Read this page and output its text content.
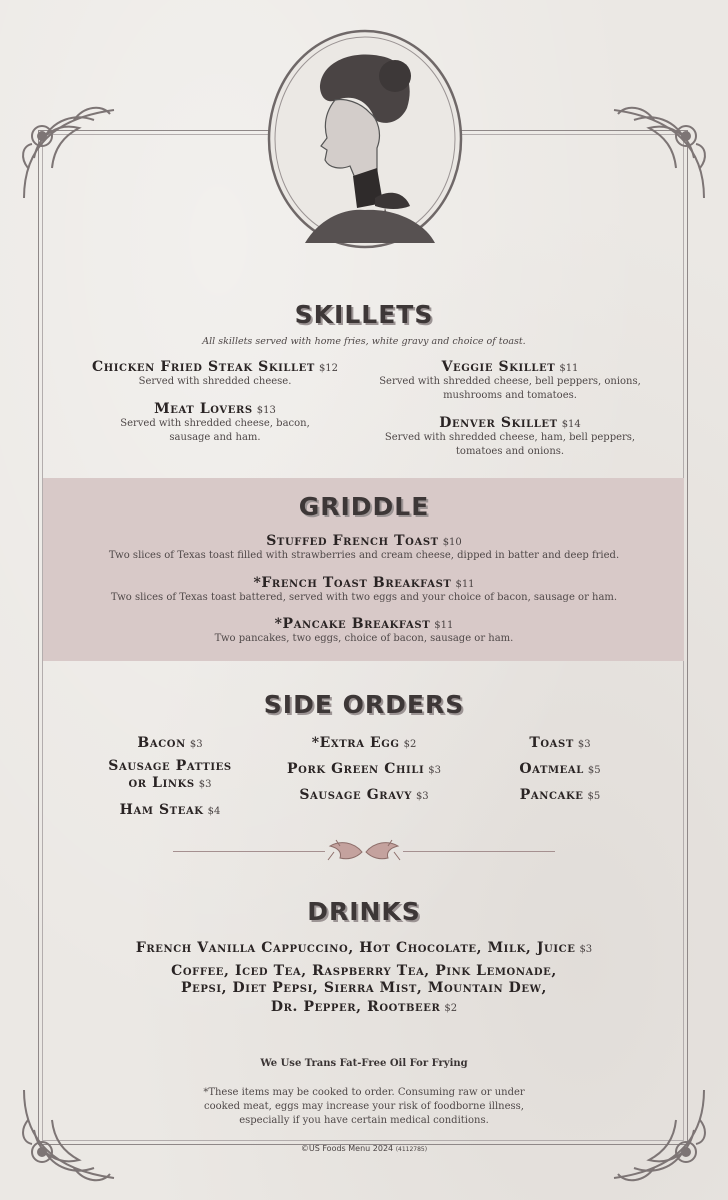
SKILLETS
All skillets served with home fries, white gravy and choice of toast.
Chicken Fried Steak Skillet $12
Served with shredded cheese.
Meat Lovers $13
Served with shredded cheese, bacon,
sausage and ham.
Veggie Skillet $11
Served with shredded cheese, bell peppers, onions,
mushrooms and tomatoes.
Denver Skillet $14
Served with shredded cheese, ham, bell peppers,
tomatoes and onions.
GRIDDLE
Stuffed French Toast $10
Two slices of Texas toast filled with strawberries and cream cheese, dipped in batter and deep fried.
*French Toast Breakfast $11
Two slices of Texas toast battered, served with two eggs and your choice of bacon, sausage or ham.
*Pancake Breakfast $11
Two pancakes, two eggs, choice of bacon, sausage or ham.
SIDE ORDERS
Bacon $3
Sausage Patties
or Links $3
Ham Steak $4
*Extra Egg $2
Pork Green Chili $3
Sausage Gravy $3
Toast $3
Oatmeal $5
Pancake $5
DRINKS
French Vanilla Cappuccino, Hot Chocolate, Milk, Juice $3
Coffee, Iced Tea, Raspberry Tea, Pink Lemonade,
Pepsi, Diet Pepsi, Sierra Mist, Mountain Dew,
Dr. Pepper, Rootbeer $2
We Use Trans Fat-Free Oil For Frying
*These items may be cooked to order. Consuming raw or under
cooked meat, eggs may increase your risk of foodborne illness,
especially if you have certain medical conditions.
©US Foods Menu 2024 (4112785)
